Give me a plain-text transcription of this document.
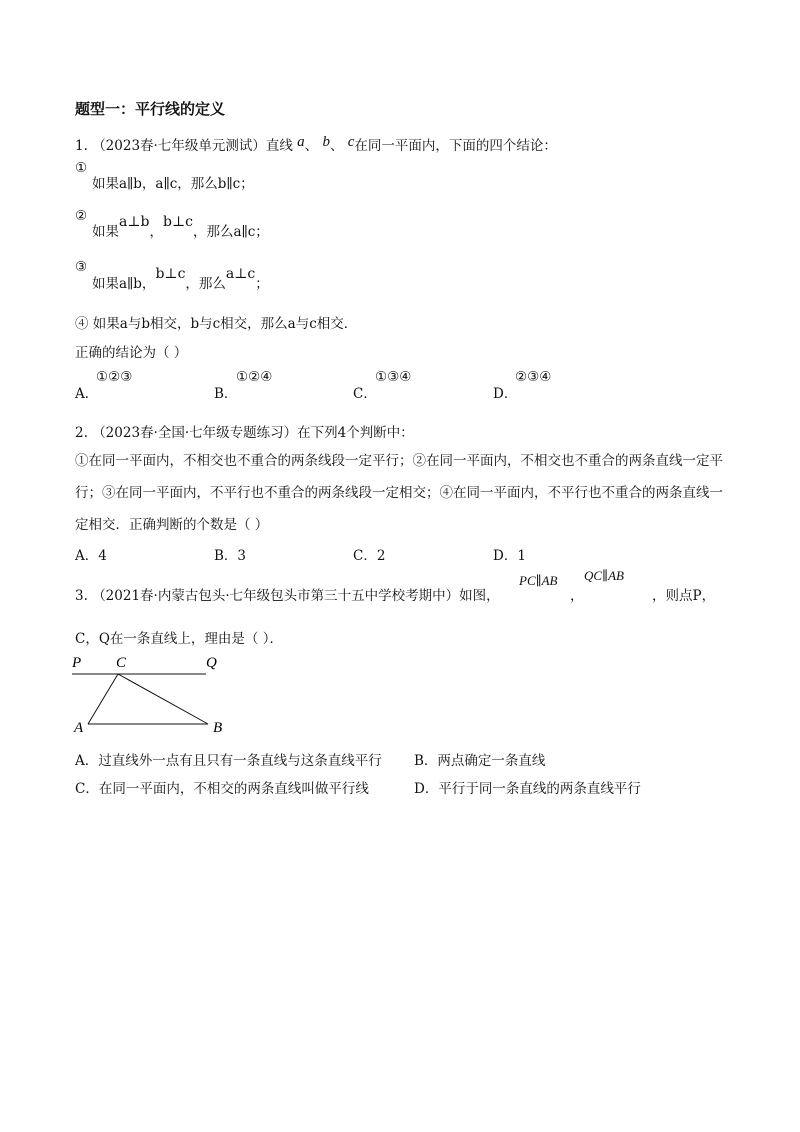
题型一：平行线的定义
1. （2023春·七年级单元测试）直线 a、 b、 c在同一平面内，下面的四个结论：
①
如果a∥b，a∥c，那么b∥c；
②
如果a⊥b，b⊥c，那么a∥c；
③
如果a∥b，b⊥c，那么a⊥c；
④ 如果a与b相交，b与c相交，那么a与c相交．
正确的结论为（ ）
A．
①②③
B．
①②④
C．
①③④
D．
②③④
2. （2023春·全国·七年级专题练习）在下列4个判断中：
①在同一平面内，不相交也不重合的两条线段一定平行；②在同一平面内，不相交也不重合的两条直线一定平行；③在同一平面内，不平行也不重合的两条线段一定相交；④在同一平面内，不平行也不重合的两条直线一定相交．正确判断的个数是（ ）
A．4	B．3	C．2	D．1
3. （2021春·内蒙古包头·七年级包头市第三十五中学校考期中）如图，
PC∥AB
，
QC∥AB
，则点P，
C，Q在一条直线上，理由是（ ）．
P C	Q
A	B
A．过直线外一点有且只有一条直线与这条直线平行 B．两点确定一条直线
C．在同一平面内，不相交的两条直线叫做平行线	D．平行于同一条直线的两条直线平行
